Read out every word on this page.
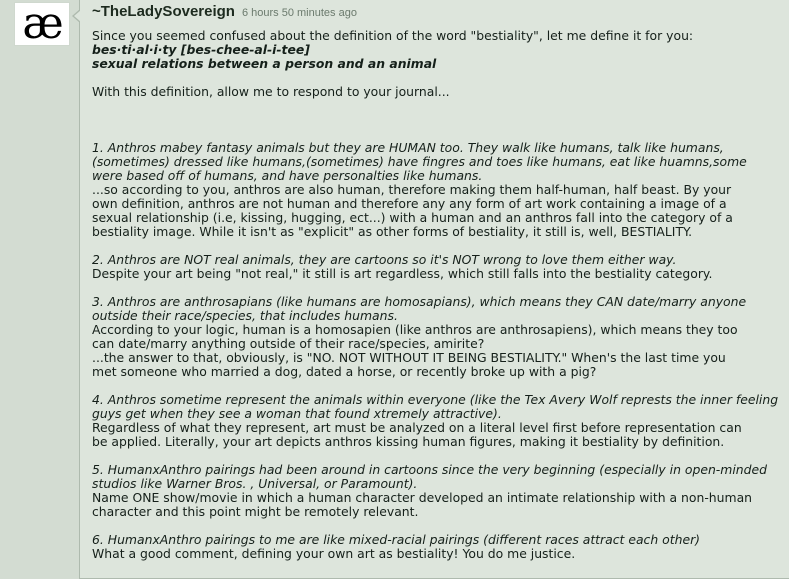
æ ~TheLadySovereign 6 hours 50 minutes ago
Since you seemed confused about the definition of the word "bestiality", let me define it for you:
bes·ti·al·i·ty [bes-chee-al-i-tee]
sexual relations between a person and an animal
With this definition, allow me to respond to your journal...
1. Anthros mabey fantasy animals but they are HUMAN too. They walk like humans, talk like humans,
(sometimes) dressed like humans,(sometimes) have fingres and toes like humans, eat like huamns,some
were based off of humans, and have personalties like humans.
...so according to you, anthros are also human, therefore making them half-human, half beast. By your
own definition, anthros are not human and therefore any any form of art work containing a image of a
sexual relationship (i.e, kissing, hugging, ect...) with a human and an anthros fall into the category of a
bestiality image. While it isn't as "explicit" as other forms of bestiality, it still is, well, BESTIALITY.
2. Anthros are NOT real animals, they are cartoons so it's NOT wrong to love them either way.
Despite your art being "not real," it still is art regardless, which still falls into the bestiality category.
3. Anthros are anthrosapians (like humans are homosapians), which means they CAN date/marry anyone
outside their race/species, that includes humans.
According to your logic, human is a homosapien (like anthros are anthrosapiens), which means they too
can date/marry anything outside of their race/species, amirite?
...the answer to that, obviously, is "NO. NOT WITHOUT IT BEING BESTIALITY." When's the last time you
met someone who married a dog, dated a horse, or recently broke up with a pig?
4. Anthros sometime represent the animals within everyone (like the Tex Avery Wolf represts the inner feeling
guys get when they see a woman that found xtremely attractive).
Regardless of what they represent, art must be analyzed on a literal level first before representation can
be applied. Literally, your art depicts anthros kissing human figures, making it bestiality by definition.
5. HumanxAnthro pairings had been around in cartoons since the very beginning (especially in open-minded
studios like Warner Bros. , Universal, or Paramount).
Name ONE show/movie in which a human character developed an intimate relationship with a non-human
character and this point might be remotely relevant.
6. HumanxAnthro pairings to me are like mixed-racial pairings (different races attract each other)
What a good comment, defining your own art as bestiality! You do me justice.
